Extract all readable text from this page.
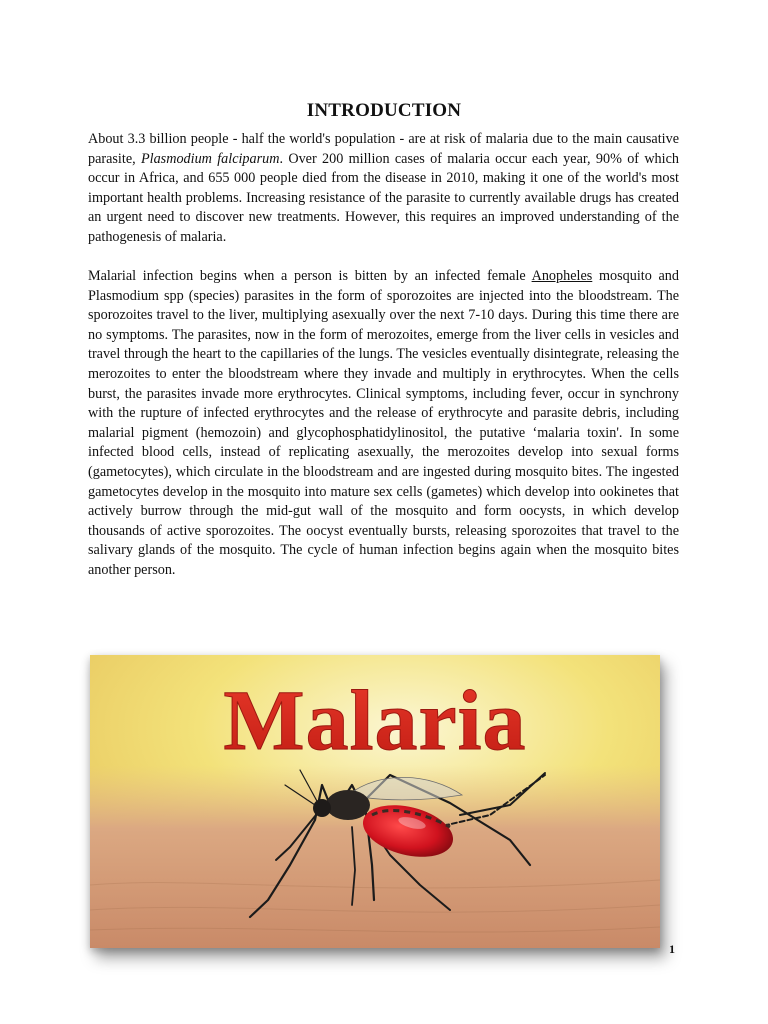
INTRODUCTION

About 3.3 billion people - half the world's population - are at risk of malaria due to the main causative parasite, Plasmodium falciparum. Over 200 million cases of malaria occur each year, 90% of which occur in Africa, and 655 000 people died from the disease in 2010, making it one of the world's most important health problems. Increasing resistance of the parasite to currently available drugs has created an urgent need to discover new treatments. However, this requires an improved understanding of the pathogenesis of malaria.

Malarial infection begins when a person is bitten by an infected female Anopheles mosquito and Plasmodium spp (species) parasites in the form of sporozoites are injected into the bloodstream. The sporozoites travel to the liver, multiplying asexually over the next 7-10 days. During this time there are no symptoms. The parasites, now in the form of merozoites, emerge from the liver cells in vesicles and travel through the heart to the capillaries of the lungs. The vesicles eventually disintegrate, releasing the merozoites to enter the bloodstream where they invade and multiply in erythrocytes. When the cells burst, the parasites invade more erythrocytes. Clinical symptoms, including fever, occur in synchrony with the rupture of infected erythrocytes and the release of erythrocyte and parasite debris, including malarial pigment (hemozoin) and glycophosphatidylinositol, the putative ‘malaria toxin'. In some infected blood cells, instead of replicating asexually, the merozoites develop into sexual forms (gametocytes), which circulate in the bloodstream and are ingested during mosquito bites. The ingested gametocytes develop in the mosquito into mature sex cells (gametes) which develop into ookinetes that actively burrow through the mid-gut wall of the mosquito and form oocysts, in which develop thousands of active sporozoites. The oocyst eventually bursts, releasing sporozoites that travel to the salivary glands of the mosquito. The cycle of human infection begins again when the mosquito bites another person.

Malaria
1
